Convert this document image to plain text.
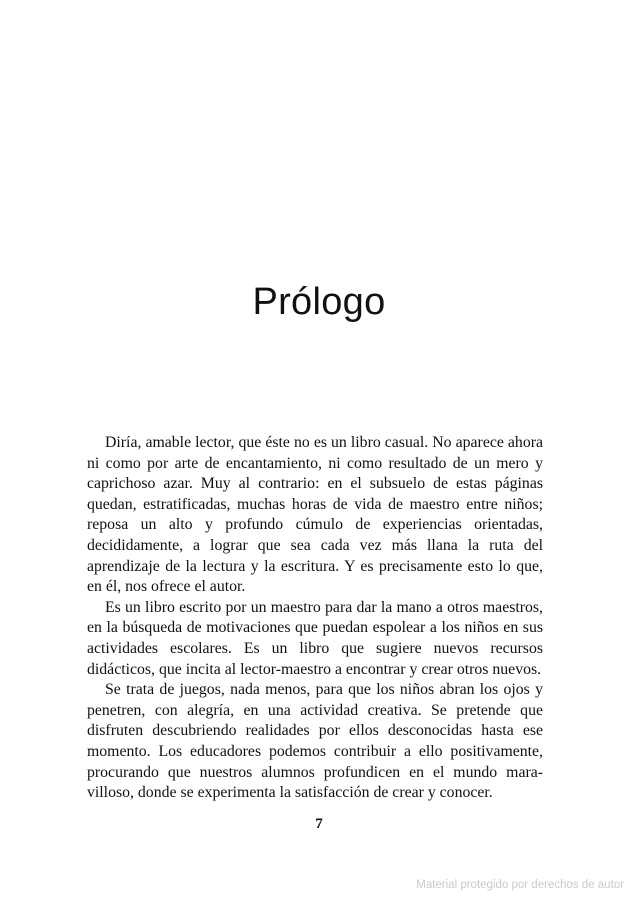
Prólogo

Diría, amable lector, que éste no es un libro casual. No aparece ahora ni como por arte de encantamiento, ni como resultado de un mero y caprichoso azar. Muy al contrario: en el subsuelo de estas páginas quedan, estratificadas, muchas horas de vida de maestro entre niños; reposa un alto y profundo cúmulo de experiencias orientadas, decididamente, a lograr que sea cada vez más llana la ruta del aprendizaje de la lectura y la escritura. Y es precisamente esto lo que, en él, nos ofrece el autor.

Es un libro escrito por un maestro para dar la mano a otros maestros, en la búsqueda de motivaciones que puedan espolear a los niños en sus actividades escolares. Es un libro que sugiere nuevos recursos didácticos, que incita al lector-maestro a encontrar y crear otros nuevos.

Se trata de juegos, nada menos, para que los niños abran los ojos y penetren, con alegría, en una actividad creativa. Se pretende que disfruten descubriendo realidades por ellos desconocidas hasta ese momento. Los educadores podemos contribuir a ello positivamente, procurando que nuestros alumnos profundicen en el mundo maravilloso, donde se experimenta la satisfacción de crear y conocer.

7
Material protegido por derechos de autor
